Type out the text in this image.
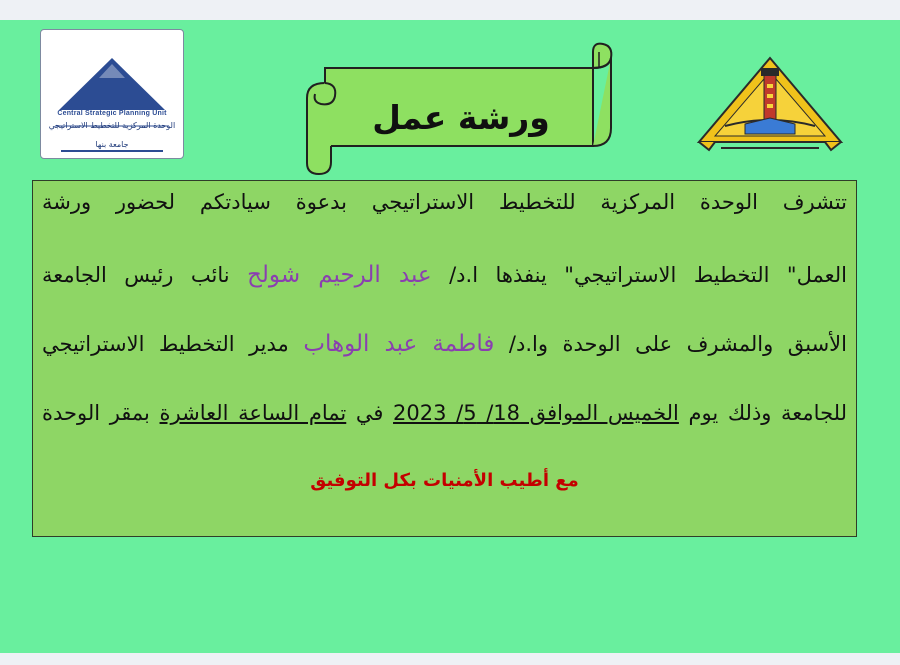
Central Strategic Planning Unit
الوحدة المركزية للتخطيط الاستراتيجي
جامعة بنها
ورشة عمل
تتشرف الوحدة المركزية للتخطيط الاستراتيجي بدعوة سيادتكم لحضور ورشة
العمل" التخطيط الاستراتيجي" ينفذها ا.د/ عبد الرحيم شولح نائب رئيس الجامعة
الأسبق والمشرف على الوحدة وا.د/ فاطمة عبد الوهاب مدير التخطيط الاستراتيجي
للجامعة وذلك يوم الخميس الموافق 18/ 5/ 2023 في تمام الساعة العاشرة بمقر الوحدة
مع أطيب الأمنيات بكل التوفيق
